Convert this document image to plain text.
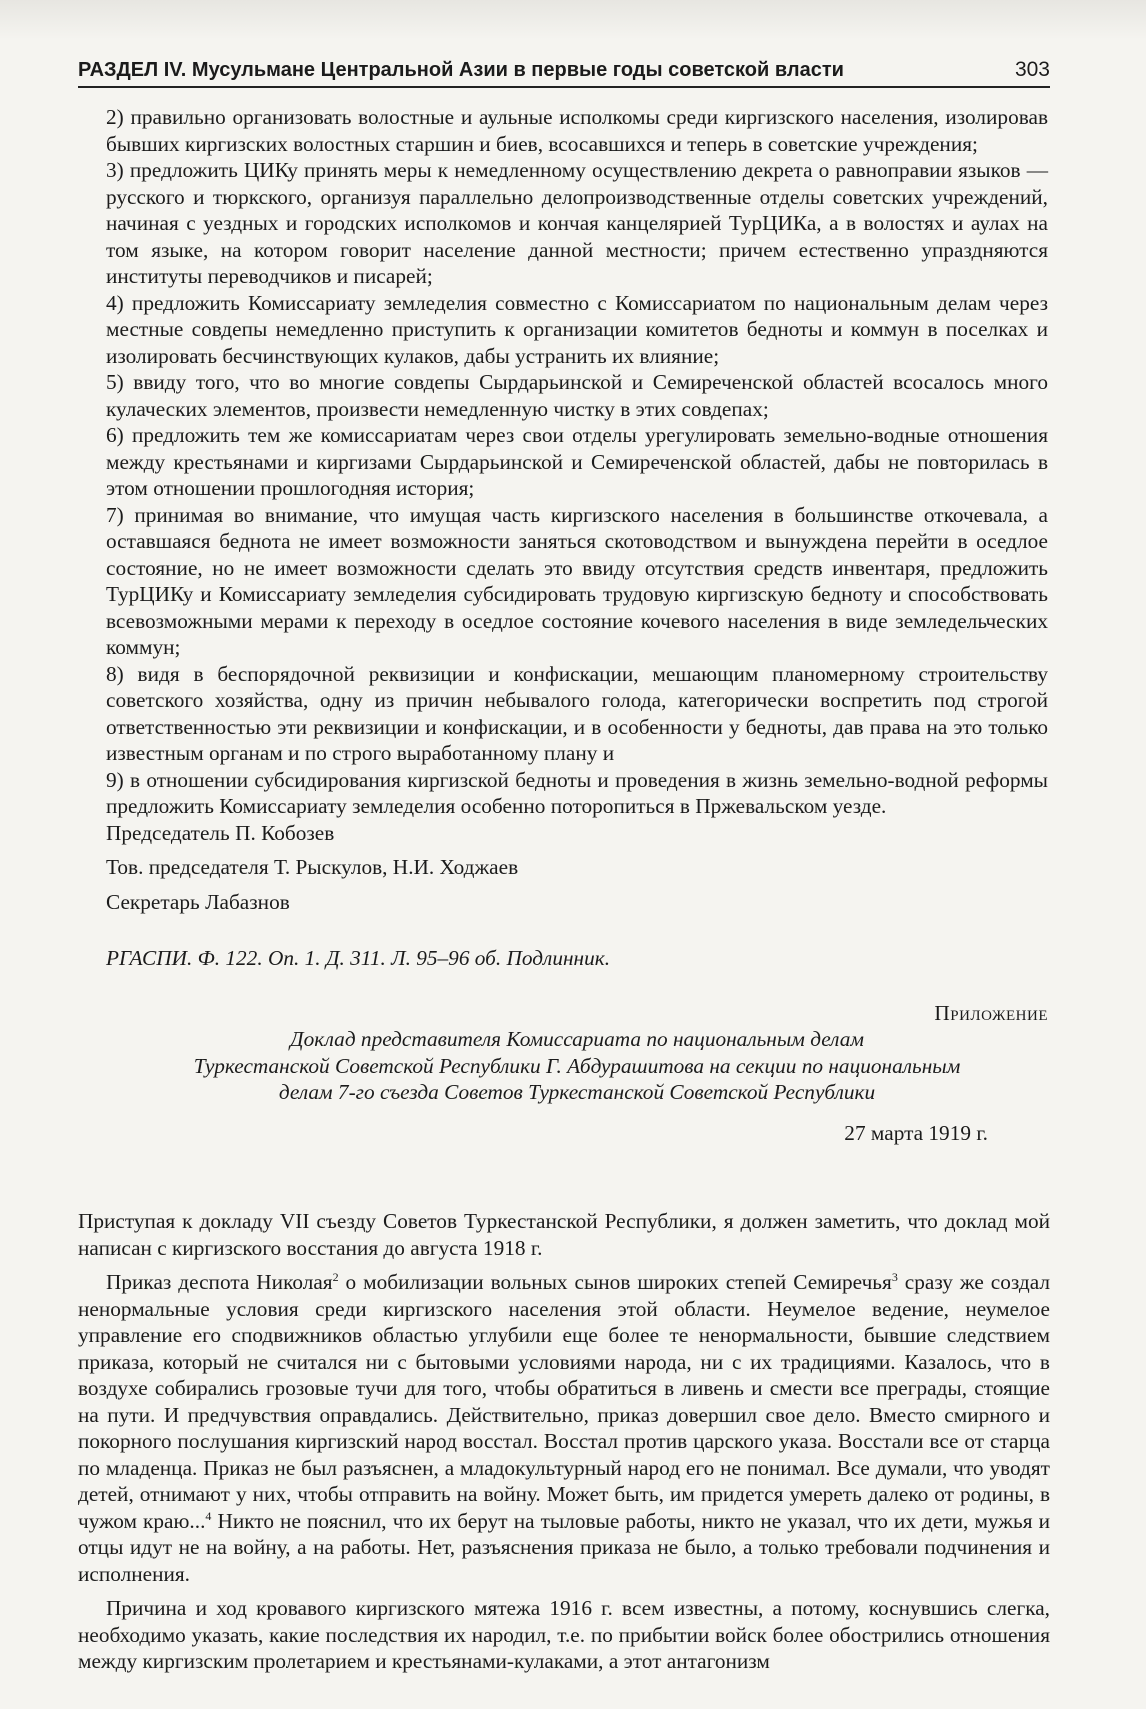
РАЗДЕЛ IV. Мусульмане Центральной Азии в первые годы советской власти	303

2) правильно организовать волостные и аульные исполкомы среди киргизского населения, изолировав бывших киргизских волостных старшин и биев, всосавшихся и теперь в советские учреждения;

3) предложить ЦИКу принять меры к немедленному осуществлению декрета о равноправии языков — русского и тюркского, организуя параллельно делопроизводственные отделы советских учреждений, начиная с уездных и городских исполкомов и кончая канцелярией ТурЦИКа, а в волостях и аулах на том языке, на котором говорит население данной местности; причем естественно упраздняются институты переводчиков и писарей;

4) предложить Комиссариату земледелия совместно с Комиссариатом по национальным делам через местные совдепы немедленно приступить к организации комитетов бедноты и коммун в поселках и изолировать бесчинствующих кулаков, дабы устранить их влияние;

5) ввиду того, что во многие совдепы Сырдарьинской и Семиреченской областей всосалось много кулаческих элементов, произвести немедленную чистку в этих совдепах;

6) предложить тем же комиссариатам через свои отделы урегулировать земельно-водные отношения между крестьянами и киргизами Сырдарьинской и Семиреченской областей, дабы не повторилась в этом отношении прошлогодняя история;

7) принимая во внимание, что имущая часть киргизского населения в большинстве откочевала, а оставшаяся беднота не имеет возможности заняться скотоводством и вынуждена перейти в оседлое состояние, но не имеет возможности сделать это ввиду отсутствия средств инвентаря, предложить ТурЦИКу и Комиссариату земледелия субсидировать трудовую киргизскую бедноту и способствовать всевозможными мерами к переходу в оседлое состояние кочевого населения в виде земледельческих коммун;

8) видя в беспорядочной реквизиции и конфискации, мешающим планомерному строительству советского хозяйства, одну из причин небывалого голода, категорически воспретить под строгой ответственностью эти реквизиции и конфискации, и в особенности у бедноты, дав права на это только известным органам и по строго выработанному плану и

9) в отношении субсидирования киргизской бедноты и проведения в жизнь земельно-водной реформы предложить Комиссариату земледелия особенно поторопиться в Пржевальском уезде.

Председатель П. Кобозев
Тов. председателя Т. Рыскулов, Н.И. Ходжаев
Секретарь Лабазнов
РГАСПИ. Ф. 122. Оп. 1. Д. 311. Л. 95–96 об. Подлинник.
Приложение
Доклад представителя Комиссариата по национальным делам
Туркестанской Советской Республики Г. Абдурашитова на секции по национальным
делам 7-го съезда Советов Туркестанской Советской Республики
27 марта 1919 г.

Приступая к докладу VII съезду Советов Туркестанской Республики, я должен заметить, что доклад мой написан с киргизского восстания до августа 1918 г.

Приказ деспота Николая$^2$ о мобилизации вольных сынов широких степей Семиречья$^3$ сразу же создал ненормальные условия среди киргизского населения этой области. Неумелое ведение, неумелое управление его сподвижников областью углубили еще более те ненормальности, бывшие следствием приказа, который не считался ни с бытовыми условиями народа, ни с их традициями. Казалось, что в воздухе собирались грозовые тучи для того, чтобы обратиться в ливень и смести все преграды, стоящие на пути. И предчувствия оправдались. Действительно, приказ довершил свое дело. Вместо смирного и покорного послушания киргизский народ восстал. Восстал против царского указа. Восстали все от старца по младенца. Приказ не был разъяснен, а младокультурный народ его не понимал. Все думали, что уводят детей, отнимают у них, чтобы отправить на войну. Может быть, им придется умереть далеко от родины, в чужом краю...$^4$ Никто не пояснил, что их берут на тыловые работы, никто не указал, что их дети, мужья и отцы идут не на войну, а на работы. Нет, разъяснения приказа не было, а только требовали подчинения и исполнения.

Причина и ход кровавого киргизского мятежа 1916 г. всем известны, а потому, коснувшись слегка, необходимо указать, какие последствия их народил, т.е. по прибытии войск более обострились отношения между киргизским пролетарием и крестьянами-кулаками, а этот антагонизм
